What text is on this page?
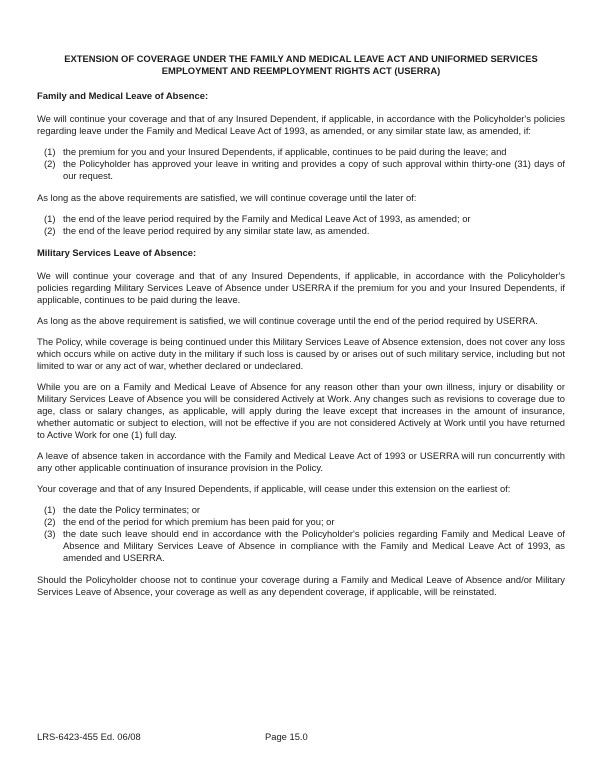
EXTENSION OF COVERAGE UNDER THE FAMILY AND MEDICAL LEAVE ACT AND UNIFORMED SERVICES
EMPLOYMENT AND REEMPLOYMENT RIGHTS ACT (USERRA)
Family and Medical Leave of Absence:

We will continue your coverage and that of any Insured Dependent, if applicable, in accordance with the Policyholder's policies regarding leave under the Family and Medical Leave Act of 1993, as amended, or any similar state law, as amended, if:

(1) the premium for you and your Insured Dependents, if applicable, continues to be paid during the leave; and
(2) the Policyholder has approved your leave in writing and provides a copy of such approval within thirty-one (31) days of our request.

As long as the above requirements are satisfied, we will continue coverage until the later of:

(1) the end of the leave period required by the Family and Medical Leave Act of 1993, as amended; or
(2) the end of the leave period required by any similar state law, as amended.
Military Services Leave of Absence:

We will continue your coverage and that of any Insured Dependents, if applicable, in accordance with the Policyholder's policies regarding Military Services Leave of Absence under USERRA if the premium for you and your Insured Dependents, if applicable, continues to be paid during the leave.

As long as the above requirement is satisfied, we will continue coverage until the end of the period required by USERRA.

The Policy, while coverage is being continued under this Military Services Leave of Absence extension, does not cover any loss which occurs while on active duty in the military if such loss is caused by or arises out of such military service, including but not limited to war or any act of war, whether declared or undeclared.

While you are on a Family and Medical Leave of Absence for any reason other than your own illness, injury or disability or Military Services Leave of Absence you will be considered Actively at Work. Any changes such as revisions to coverage due to age, class or salary changes, as applicable, will apply during the leave except that increases in the amount of insurance, whether automatic or subject to election, will not be effective if you are not considered Actively at Work until you have returned to Active Work for one (1) full day.

A leave of absence taken in accordance with the Family and Medical Leave Act of 1993 or USERRA will run concurrently with any other applicable continuation of insurance provision in the Policy.

Your coverage and that of any Insured Dependents, if applicable, will cease under this extension on the earliest of:

(1) the date the Policy terminates; or
(2) the end of the period for which premium has been paid for you; or
(3) the date such leave should end in accordance with the Policyholder's policies regarding Family and Medical Leave of Absence and Military Services Leave of Absence in compliance with the Family and Medical Leave Act of 1993, as amended and USERRA.

Should the Policyholder choose not to continue your coverage during a Family and Medical Leave of Absence and/or Military Services Leave of Absence, your coverage as well as any dependent coverage, if applicable, will be reinstated.

LRS-6423-455 Ed. 06/08	Page 15.0
